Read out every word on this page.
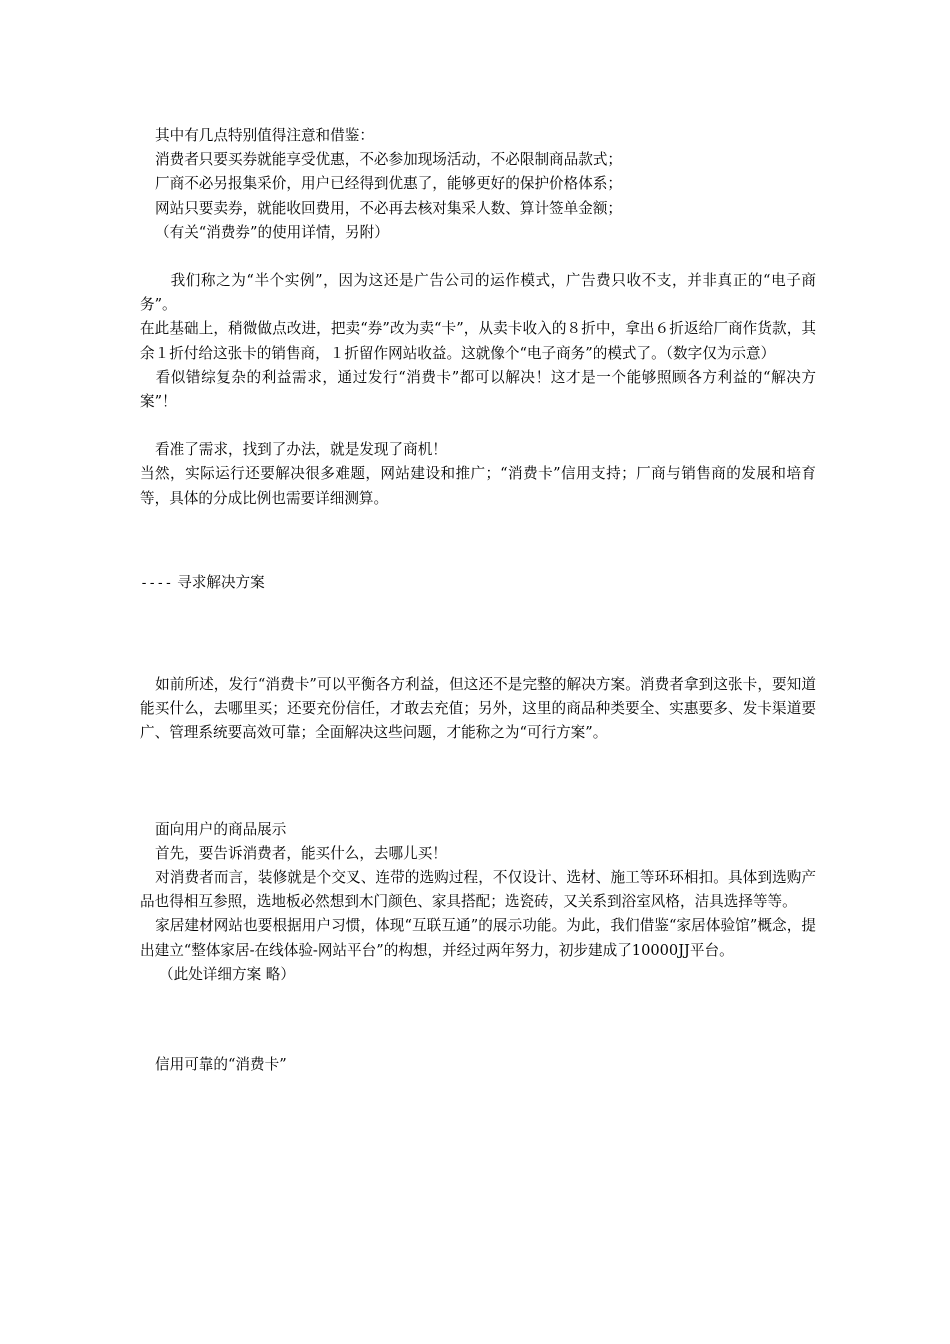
其中有几点特别值得注意和借鉴：
消费者只要买券就能享受优惠，不必参加现场活动，不必限制商品款式；
厂商不必另报集采价，用户已经得到优惠了，能够更好的保护价格体系；
网站只要卖券，就能收回费用，不必再去核对集采人数、算计签单金额；
（有关“消费券”的使用详情，另附）
我们称之为“半个实例”，因为这还是广告公司的运作模式，广告费只收不支，并非真正的“电子商务”。
在此基础上，稍微做点改进，把卖“券”改为卖“卡”，从卖卡收入的８折中，拿出６折返给厂商作货款，其余１折付给这张卡的销售商，１折留作网站收益。这就像个“电子商务”的模式了。（数字仅为示意）
看似错综复杂的利益需求，通过发行“消费卡”都可以解决！这才是一个能够照顾各方利益的“解决方案”！
看准了需求，找到了办法，就是发现了商机！
当然，实际运行还要解决很多难题，网站建设和推广；“消费卡”信用支持；厂商与销售商的发展和培育等，具体的分成比例也需要详细测算。
---- 寻求解决方案
如前所述，发行“消费卡”可以平衡各方利益，但这还不是完整的解决方案。消费者拿到这张卡，要知道能买什么，去哪里买；还要充份信任，才敢去充值；另外，这里的商品种类要全、实惠要多、发卡渠道要广、管理系统要高效可靠；全面解决这些问题，才能称之为“可行方案”。
面向用户的商品展示
首先，要告诉消费者，能买什么，去哪儿买！
对消费者而言，装修就是个交叉、连带的选购过程，不仅设计、选材、施工等环环相扣。具体到选购产品也得相互参照，选地板必然想到木门颜色、家具搭配；选瓷砖，又关系到浴室风格，洁具选择等等。
家居建材网站也要根据用户习惯，体现“互联互通”的展示功能。为此，我们借鉴“家居体验馆”概念，提出建立“整体家居-在线体验-网站平台”的构想，并经过两年努力，初步建成了10000JJ平台。
（此处详细方案 略）
信用可靠的“消费卡”
